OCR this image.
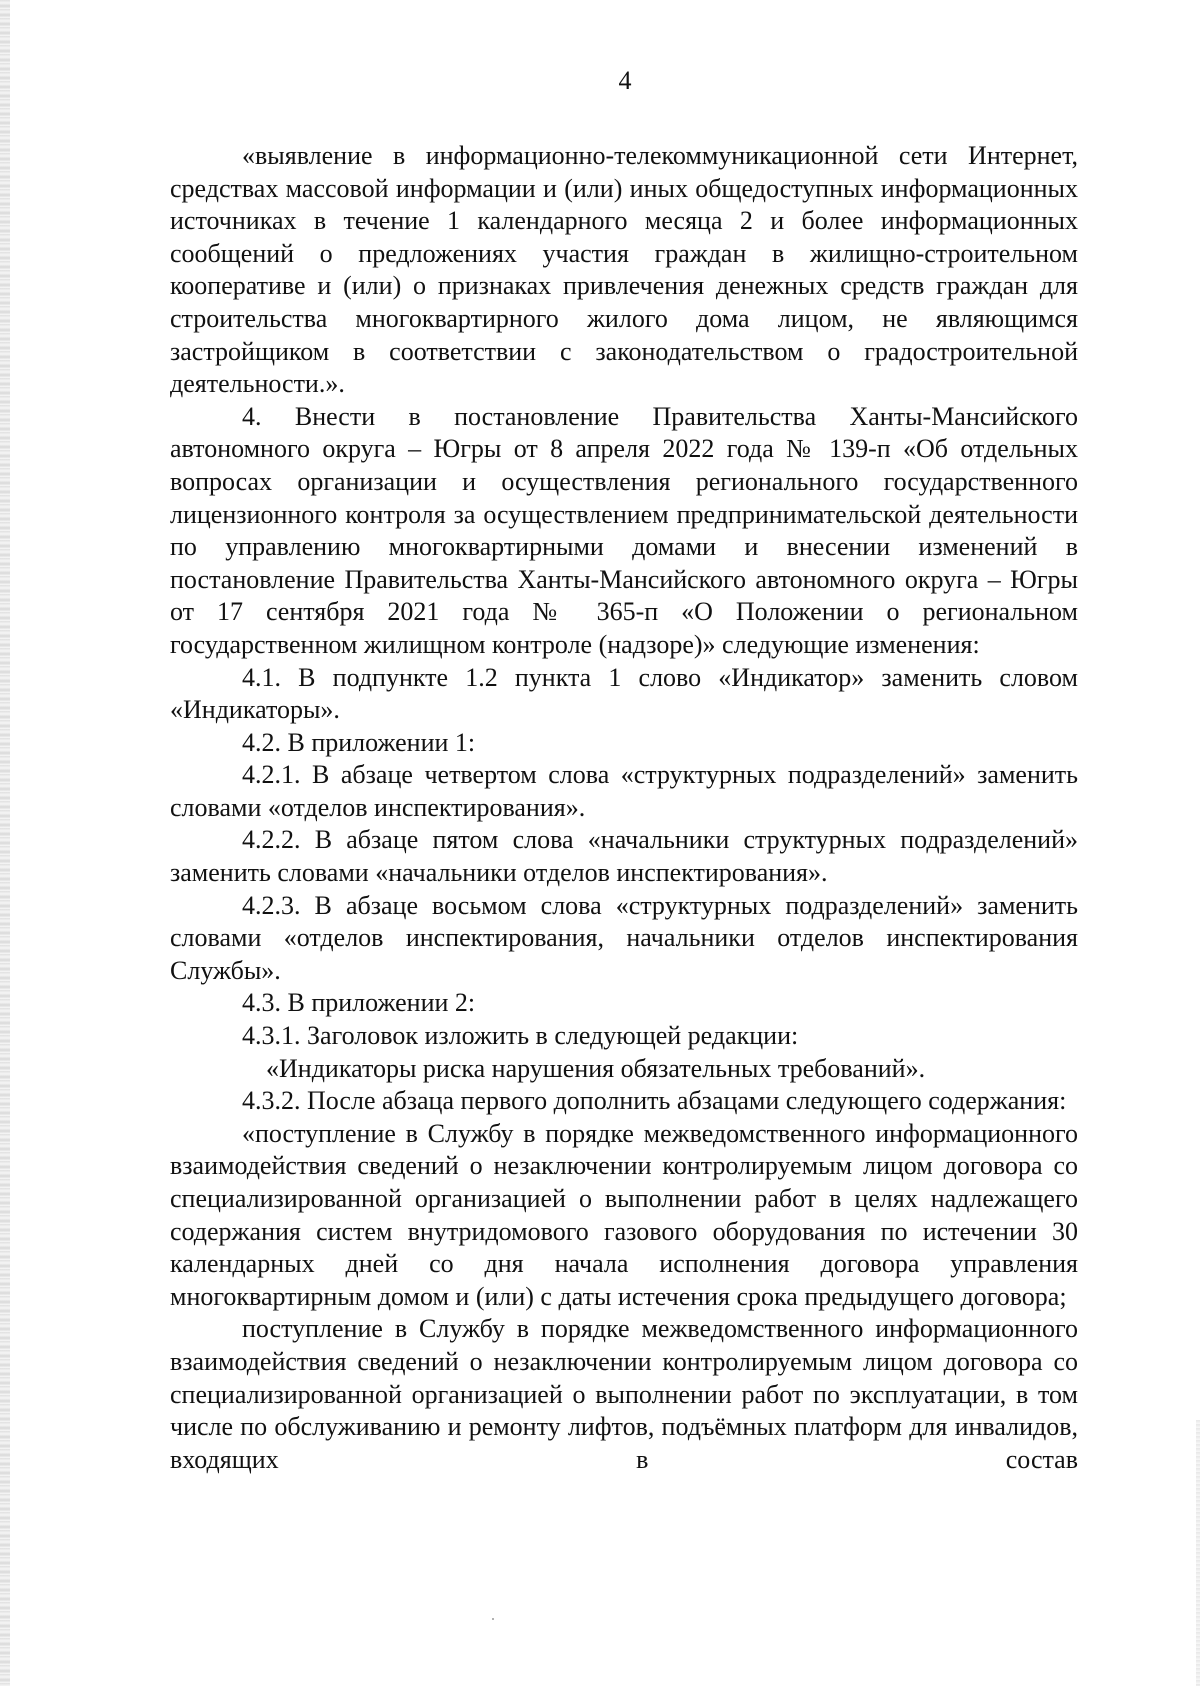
4

«выявление в информационно-телекоммуникационной сети Интернет, средствах массовой информации и (или) иных общедоступных информационных источниках в течение 1 календарного месяца 2 и более информационных сообщений о предложениях участия граждан в жилищно-строительном кооперативе и (или) о признаках привлечения денежных средств граждан для строительства многоквартирного жилого дома лицом, не являющимся застройщиком в соответствии с законодательством о градостроительной деятельности.».

4. Внести в постановление Правительства Ханты-Мансийского автономного округа – Югры от 8 апреля 2022 года № 139-п «Об отдельных вопросах организации и осуществления регионального государственного лицензионного контроля за осуществлением предпринимательской деятельности по управлению многоквартирными домами и внесении изменений в постановление Правительства Ханты-Мансийского автономного округа – Югры от 17 сентября 2021 года № 365-п «О Положении о региональном государственном жилищном контроле (надзоре)» следующие изменения:

4.1. В подпункте 1.2 пункта 1 слово «Индикатор» заменить словом «Индикаторы».

4.2. В приложении 1:

4.2.1. В абзаце четвертом слова «структурных подразделений» заменить словами «отделов инспектирования».

4.2.2. В абзаце пятом слова «начальники структурных подразделений» заменить словами «начальники отделов инспектирования».

4.2.3. В абзаце восьмом слова «структурных подразделений» заменить словами «отделов инспектирования, начальники отделов инспектирования Службы».

4.3. В приложении 2:

4.3.1. Заголовок изложить в следующей редакции:

«Индикаторы риска нарушения обязательных требований».

4.3.2. После абзаца первого дополнить абзацами следующего содержания:

«поступление в Службу в порядке межведомственного информационного взаимодействия сведений о незаключении контролируемым лицом договора со специализированной организацией о выполнении работ в целях надлежащего содержания систем внутридомового газового оборудования по истечении 30 календарных дней со дня начала исполнения договора управления многоквартирным домом и (или) с даты истечения срока предыдущего договора;

поступление в Службу в порядке межведомственного информационного взаимодействия сведений о незаключении контролируемым лицом договора со специализированной организацией о выполнении работ по эксплуатации, в том числе по обслуживанию и ремонту лифтов, подъёмных платформ для инвалидов, входящих в состав
